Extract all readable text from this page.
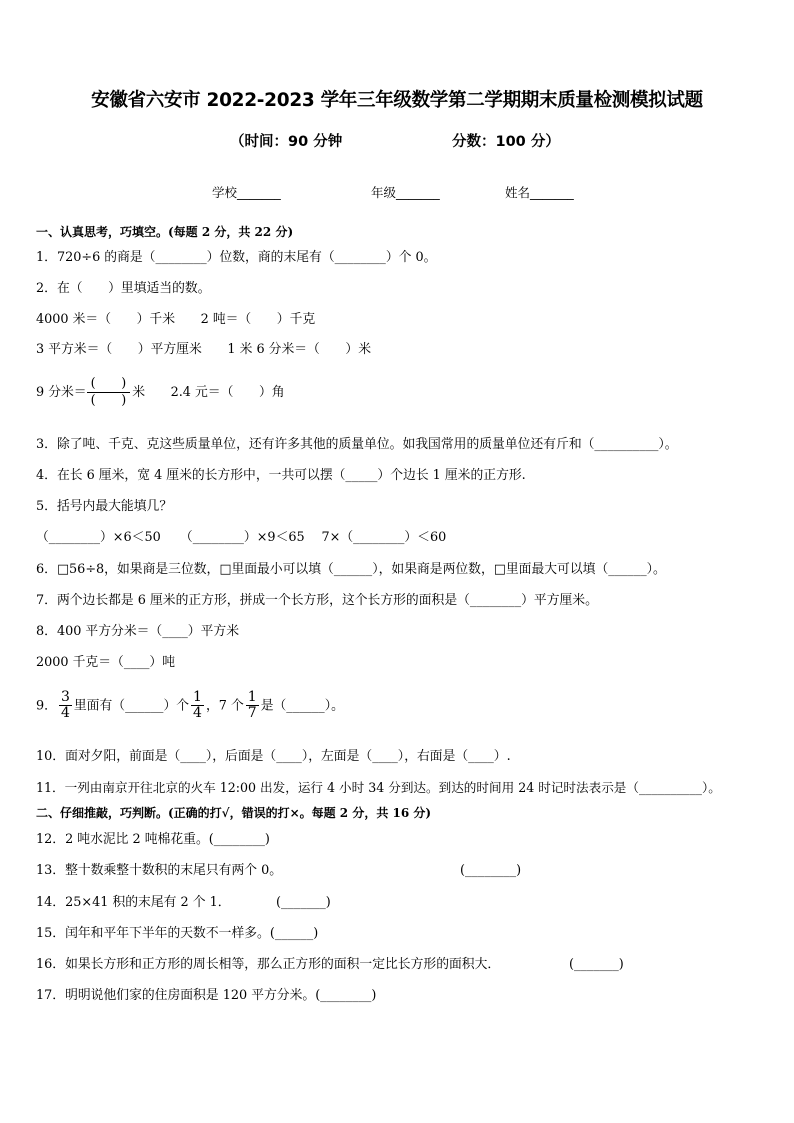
安徽省六安市 2022-2023 学年三年级数学第二学期期末质量检测模拟试题
（时间：90 分钟	分数：100 分）
学校_______	年级_______	姓名_______
一、认真思考，巧填空。(每题 2 分，共 22 分)
1．720÷6 的商是（________）位数，商的末尾有（________）个 0。
2．在（　　）里填适当的数。
4000 米＝（　　）千米　　2 吨＝（　　）千克
3 平方米＝（　　）平方厘米　　1 米 6 分米＝（　　）米
9 分米＝
(　　)
(　　)
米　　2.4 元＝（　　）角
3．除了吨、千克、克这些质量单位，还有许多其他的质量单位。如我国常用的质量单位还有斤和（__________）。
4．在长 6 厘米，宽 4 厘米的长方形中，一共可以摆（_____）个边长 1 厘米的正方形.
5．括号内最大能填几？
（________）×6＜50　　（________）×9＜65　 7×（________）＜60
6．□56÷8，如果商是三位数，□里面最小可以填（______），如果商是两位数，□里面最大可以填（______）。
7．两个边长都是 6 厘米的正方形，拼成一个长方形，这个长方形的面积是（________）平方厘米。
8．400 平方分米＝（____）平方米
2000 千克＝（____）吨
9． $\frac{3}{4}$ 里面有（______）个 $\frac{1}{4}$ ，7 个 $\frac{1}{7}$ 是（______）。
10．面对夕阳，前面是（____），后面是（____），左面是（____），右面是（____）.
11．一列由南京开往北京的火车 12:00 出发，运行 4 小时 34 分到达。到达的时间用 24 时记时法表示是（__________）。
二、仔细推敲，巧判断。(正确的打√，错误的打×。每题 2 分，共 16 分)
12．2 吨水泥比 2 吨棉花重。(________)
13．整十数乘整十数积的末尾只有两个 0。	(________)
14．25×41 积的末尾有 2 个 1．	(_______)
15．闰年和平年下半年的天数不一样多。(______)
16．如果长方形和正方形的周长相等，那么正方形的面积一定比长方形的面积大．	(_______)
17．明明说他们家的住房面积是 120 平方分米。(________)
